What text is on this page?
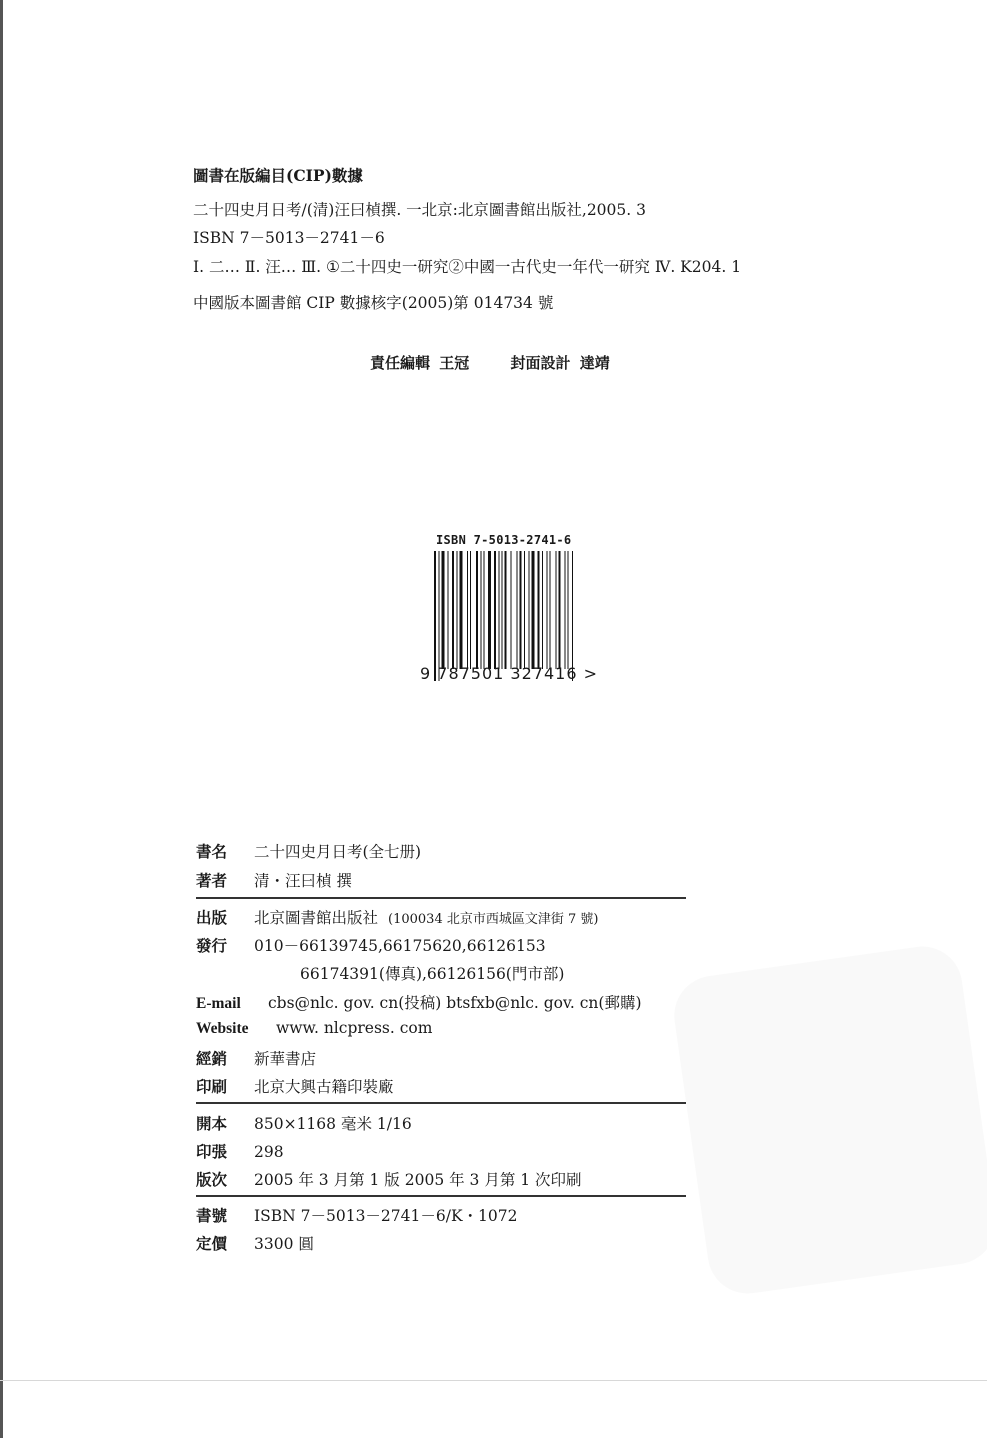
圖書在版編目(CIP)數據
二十四史月日考/(清)汪曰楨撰. 一北京:北京圖書館出版社,2005. 3
ISBN 7－5013－2741－6
Ⅰ. 二… Ⅱ. 汪… Ⅲ. ①二十四史一研究②中國一古代史一年代一研究 Ⅳ. K204. 1
中國版本圖書館 CIP 數據核字(2005)第 014734 號
責任編輯 王冠	封面設計 達靖
ISBN 7-5013-2741-6
9 787501 327416 >
書名 二十四史月日考(全七册)
著者 清・汪曰楨 撰
出版 北京圖書館出版社 (100034 北京市西城區文津街 7 號)
發行 010－66139745,66175620,66126153
66174391(傳真),66126156(門市部)
E-mail cbs@nlc. gov. cn(投稿) btsfxb@nlc. gov. cn(郵購)
Website www. nlcpress. com
經銷 新華書店
印刷 北京大興古籍印裝廠
開本 850×1168 毫米 1/16
印張 298
版次 2005 年 3 月第 1 版 2005 年 3 月第 1 次印刷
書號 ISBN 7－5013－2741－6/K・1072
定價 3300 圓
